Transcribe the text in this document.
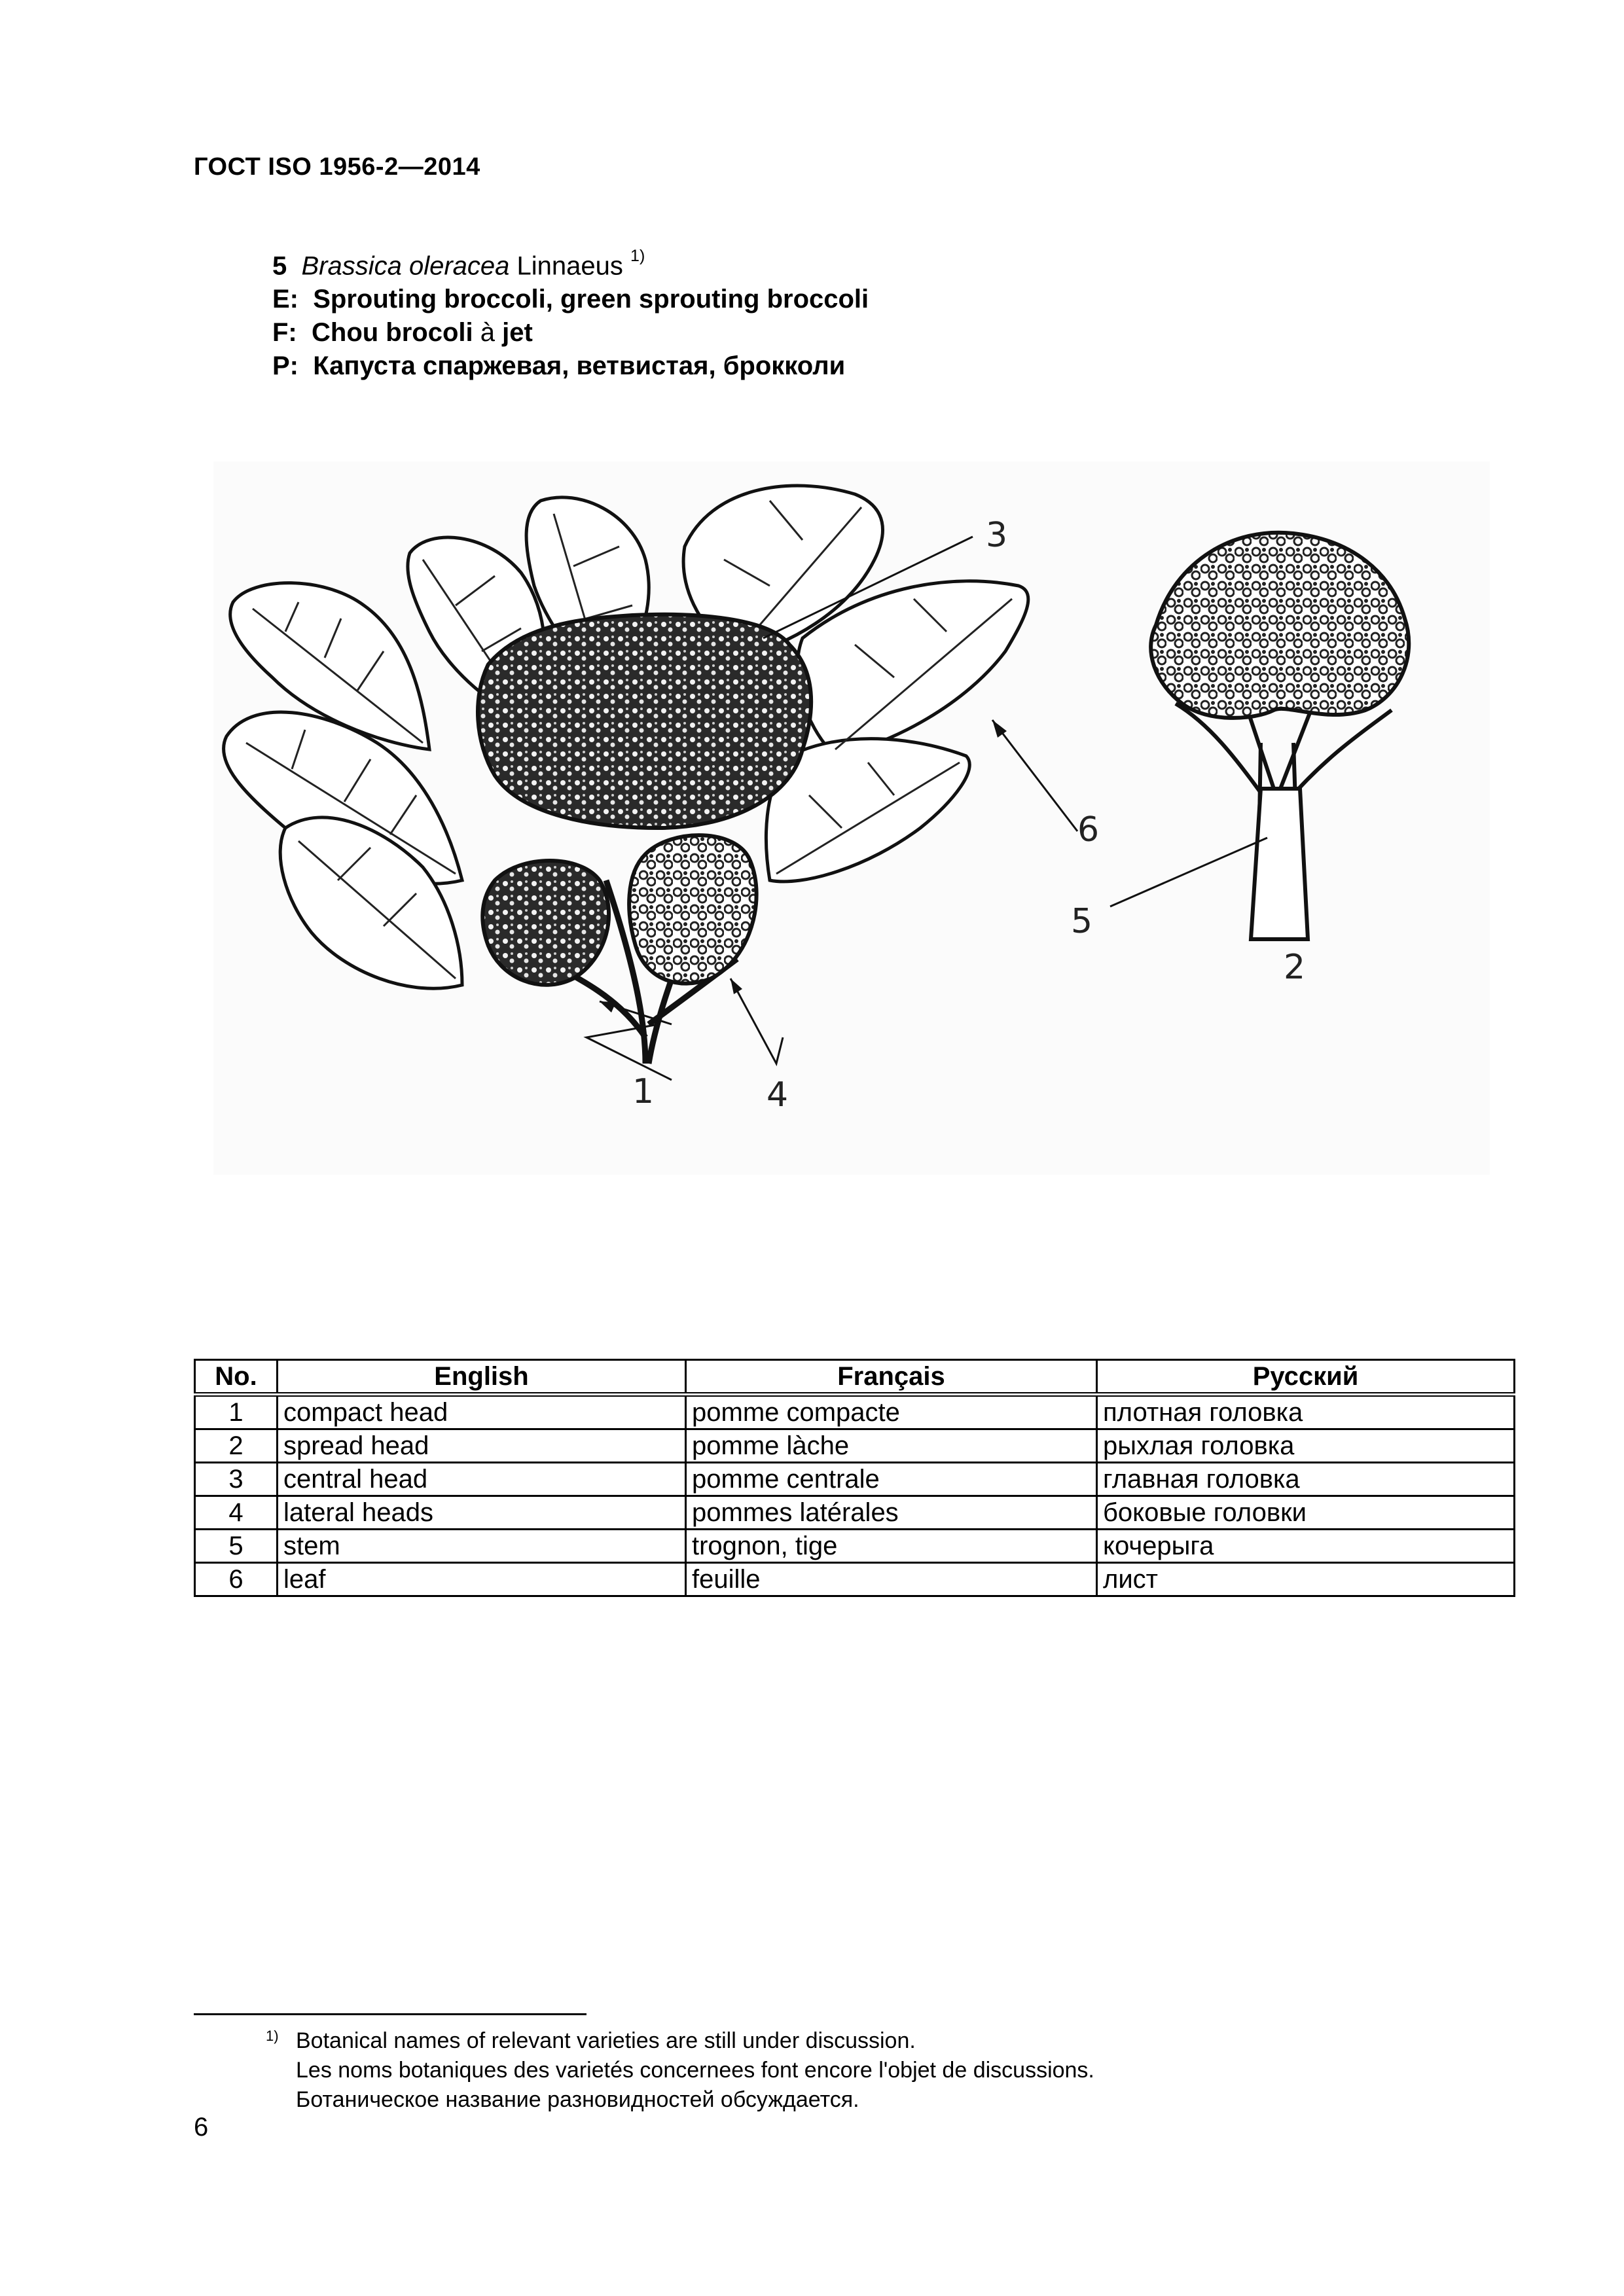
ГОСТ ISO 1956-2—2014
5 Brassica oleracea Linnaeus $^{1)}$
E: Sprouting broccoli, green sprouting broccoli
F: Chou brocoli à jet
P: Капуста спаржевая, ветвистая, брокколи
1
2
3
4
5
6
No.	English	Français	Русский
1	compact head	pomme compacte	плотная головка
2	spread head	pomme làche	рыхлая головка
3	central head	pomme centrale	главная головка
4	lateral heads	pommes latérales	боковые головки
5	stem	trognon, tige	кочерыга
6	leaf	feuille	лист
1) Botanical names of relevant varieties are still under discussion.
Les noms botaniques des varietés concernees font encore l'objet de discussions.
Ботаническое название разновидностей обсуждается.
6
